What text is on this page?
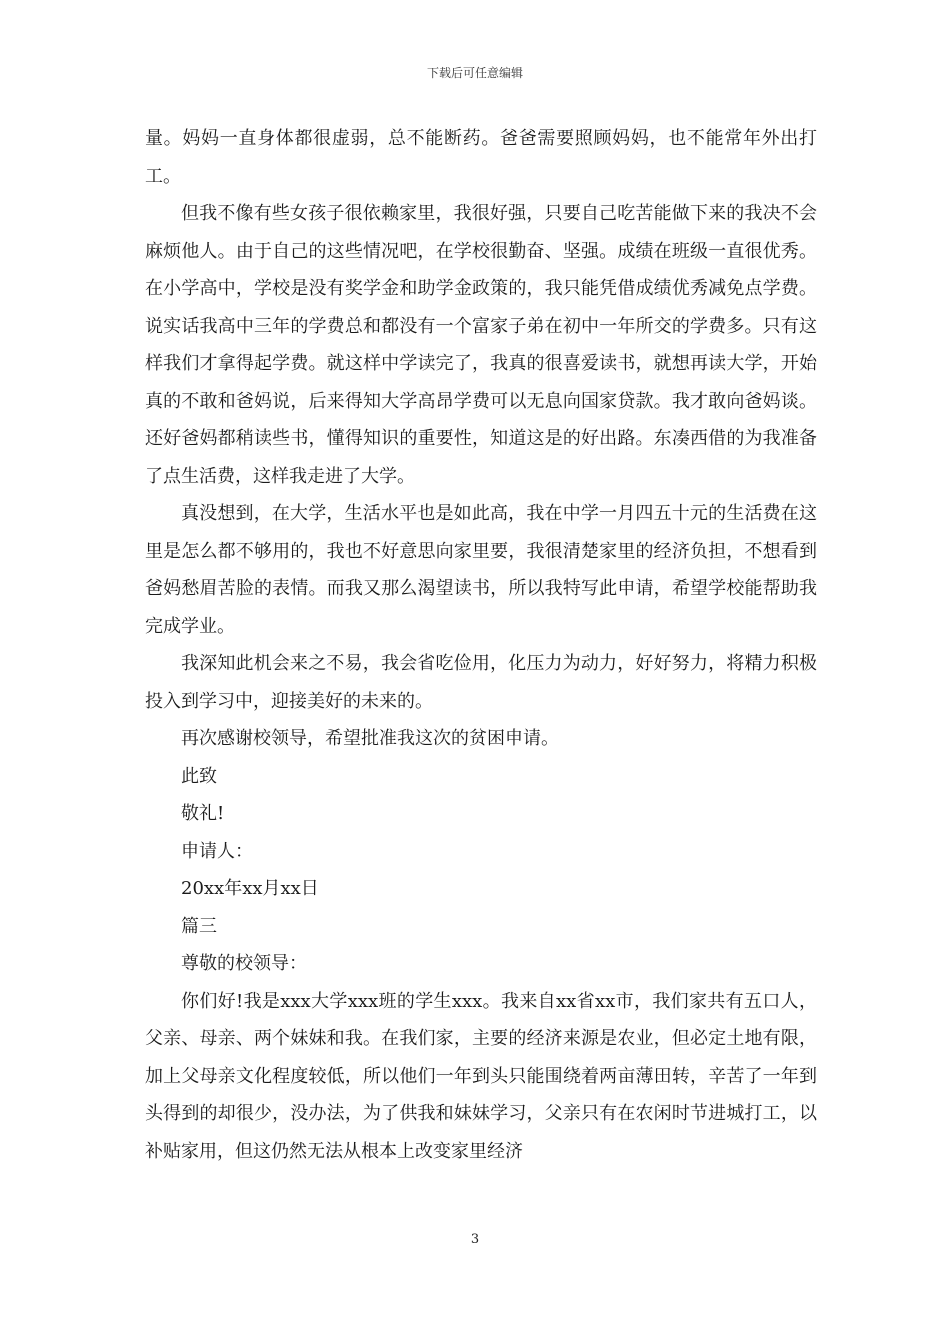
下载后可任意编辑

量。妈妈一直身体都很虚弱，总不能断药。爸爸需要照顾妈妈，也不能常年外出打工。

但我不像有些女孩子很依赖家里，我很好强，只要自己吃苦能做下来的我决不会麻烦他人。由于自己的这些情况吧，在学校很勤奋、坚强。成绩在班级一直很优秀。在小学高中，学校是没有奖学金和助学金政策的，我只能凭借成绩优秀减免点学费。说实话我高中三年的学费总和都没有一个富家子弟在初中一年所交的学费多。只有这样我们才拿得起学费。就这样中学读完了，我真的很喜爱读书，就想再读大学，开始真的不敢和爸妈说，后来得知大学高昂学费可以无息向国家贷款。我才敢向爸妈谈。还好爸妈都稍读些书，懂得知识的重要性，知道这是的好出路。东凑西借的为我准备了点生活费，这样我走进了大学。

真没想到，在大学，生活水平也是如此高，我在中学一月四五十元的生活费在这里是怎么都不够用的，我也不好意思向家里要，我很清楚家里的经济负担，不想看到爸妈愁眉苦脸的表情。而我又那么渴望读书，所以我特写此申请，希望学校能帮助我完成学业。

我深知此机会来之不易，我会省吃俭用，化压力为动力，好好努力，将精力积极投入到学习中，迎接美好的未来的。

再次感谢校领导，希望批准我这次的贫困申请。

此致

敬礼!

申请人：

20xx年xx月xx日

篇三

尊敬的校领导：

你们好!我是xxx大学xxx班的学生xxx。我来自xx省xx市，我们家共有五口人，父亲、母亲、两个妹妹和我。在我们家，主要的经济来源是农业，但必定土地有限，加上父母亲文化程度较低，所以他们一年到头只能围绕着两亩薄田转，辛苦了一年到头得到的却很少，没办法，为了供我和妹妹学习，父亲只有在农闲时节进城打工，以补贴家用，但这仍然无法从根本上改变家里经济

3
